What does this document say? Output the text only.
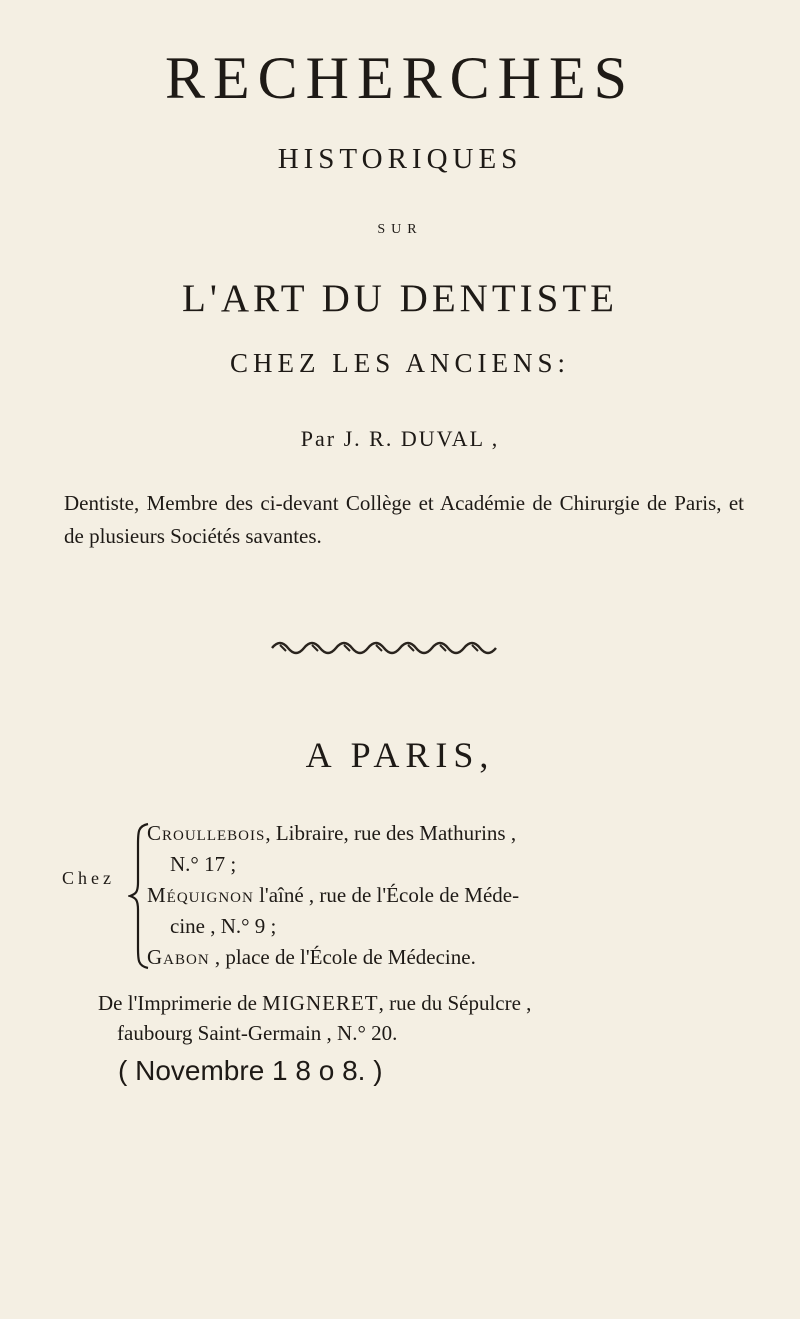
RECHERCHES
HISTORIQUES
SUR
L'ART DU DENTISTE
CHEZ LES ANCIENS:
Par J. R. DUVAL ,
Dentiste, Membre des ci-devant Collège et Académie de Chirurgie de Paris, et de plusieurs Sociétés savantes.
A PARIS,
Chez

Croullebois, Libraire, rue des Mathurins ,

N.° 17 ;

Méquignon l'aîné , rue de l'École de Méde-

cine , N.° 9 ;

Gabon , place de l'École de Médecine.

De l'Imprimerie de MIGNERET, rue du Sépulcre ,

faubourg Saint-Germain , N.° 20.

( Novembre 1 8 o 8. )
